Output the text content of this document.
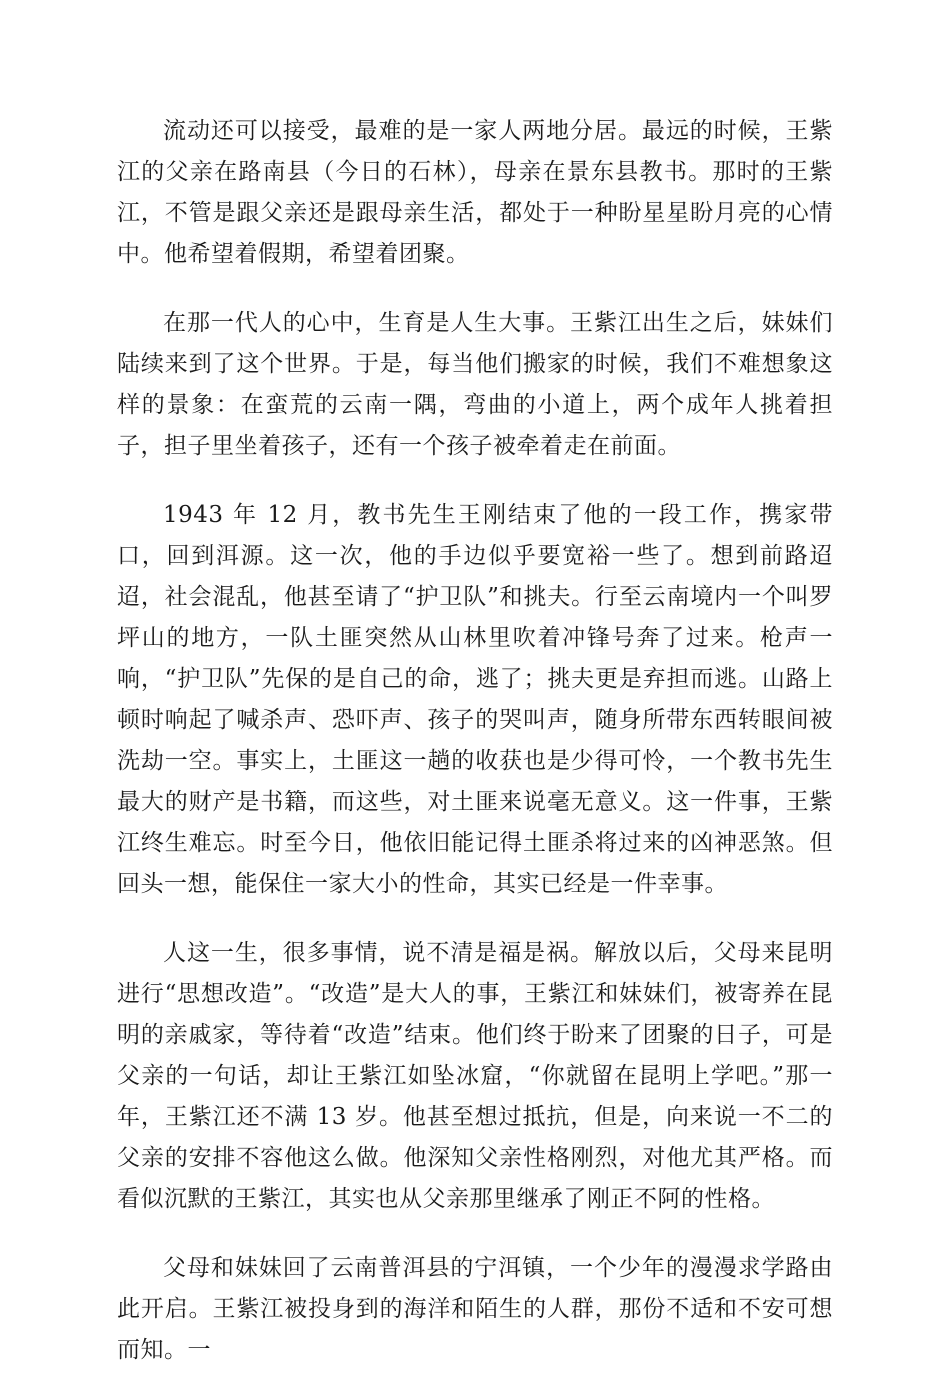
流动还可以接受，最难的是一家人两地分居。最远的时候，王紫江的父亲在路南县（今日的石林），母亲在景东县教书。那时的王紫江，不管是跟父亲还是跟母亲生活，都处于一种盼星星盼月亮的心情中。他希望着假期，希望着团聚。

在那一代人的心中，生育是人生大事。王紫江出生之后，妹妹们陆续来到了这个世界。于是，每当他们搬家的时候，我们不难想象这样的景象：在蛮荒的云南一隅，弯曲的小道上，两个成年人挑着担子，担子里坐着孩子，还有一个孩子被牵着走在前面。

1943 年 12 月，教书先生王刚结束了他的一段工作，携家带口，回到洱源。这一次，他的手边似乎要宽裕一些了。想到前路迢迢，社会混乱，他甚至请了“护卫队”和挑夫。行至云南境内一个叫罗坪山的地方，一队土匪突然从山林里吹着冲锋号奔了过来。枪声一响，“护卫队”先保的是自己的命，逃了；挑夫更是弃担而逃。山路上顿时响起了喊杀声、恐吓声、孩子的哭叫声，随身所带东西转眼间被洗劫一空。事实上，土匪这一趟的收获也是少得可怜，一个教书先生最大的财产是书籍，而这些，对土匪来说毫无意义。这一件事，王紫江终生难忘。时至今日，他依旧能记得土匪杀将过来的凶神恶煞。但回头一想，能保住一家大小的性命，其实已经是一件幸事。

人这一生，很多事情，说不清是福是祸。解放以后，父母来昆明进行“思想改造”。“改造”是大人的事，王紫江和妹妹们，被寄养在昆明的亲戚家，等待着“改造”结束。他们终于盼来了团聚的日子，可是父亲的一句话，却让王紫江如坠冰窟，“你就留在昆明上学吧。”那一年，王紫江还不满 13 岁。他甚至想过抵抗，但是，向来说一不二的父亲的安排不容他这么做。他深知父亲性格刚烈，对他尤其严格。而看似沉默的王紫江，其实也从父亲那里继承了刚正不阿的性格。

父母和妹妹回了云南普洱县的宁洱镇，一个少年的漫漫求学路由此开启。王紫江被投身到的海洋和陌生的人群，那份不适和不安可想而知。一
